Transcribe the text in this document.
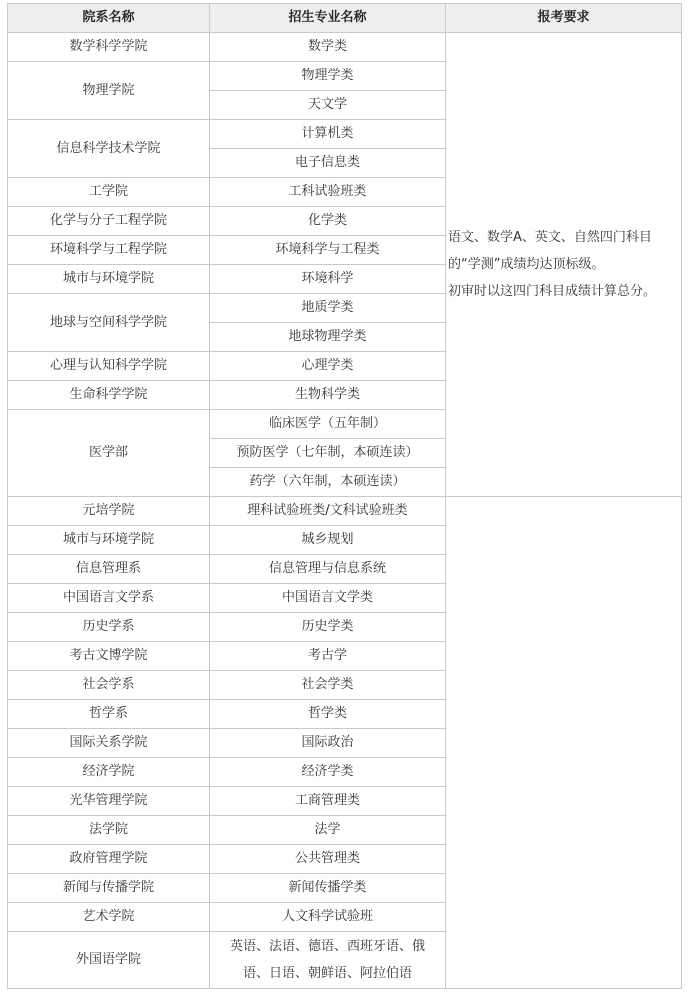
院系名称	招生专业名称	报考要求
数学科学学院	数学类	语文、数学A、英文、自然四门科目
的“学测”成绩均达顶标级。
初审时以这四门科目成绩计算总分。

物理学院	物理学类	
	天文学	
信息科学技术学院	计算机类	
	电子信息类	
工学院	工科试验班类	
化学与分子工程学院	化学类	
环境科学与工程学院	环境科学与工程类	
城市与环境学院	环境科学	
地球与空间科学学院	地质学类	
	地球物理学类	
心理与认知科学学院	心理学类	
生命科学学院	生物科学类	
医学部	临床医学（五年制）	
	预防医学（七年制，本硕连读）	
	药学（六年制，本硕连读）	
元培学院	理科试验班类/文科试验班类	
城市与环境学院	城乡规划	
信息管理系	信息管理与信息系统	
中国语言文学系	中国语言文学类	
历史学系	历史学类	
考古文博学院	考古学	
社会学系	社会学类	
哲学系	哲学类	
国际关系学院	国际政治	
经济学院	经济学类	
光华管理学院	工商管理类	
法学院	法学	
政府管理学院	公共管理类	
新闻与传播学院	新闻传播学类	
艺术学院	人文科学试验班	
外国语学院	英语、法语、德语、西班牙语、俄
语、日语、朝鲜语、阿拉伯语	
